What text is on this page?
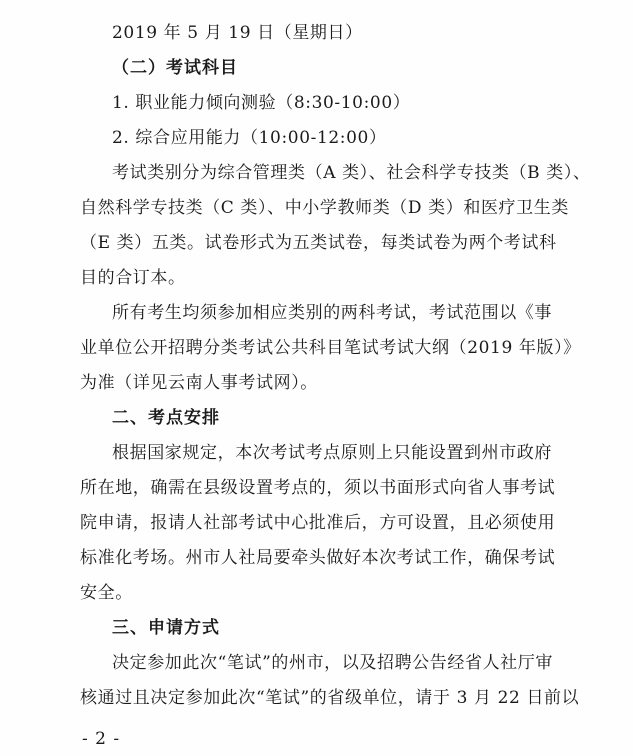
2019 年 5 月 19 日（星期日）
（二）考试科目
1. 职业能力倾向测验（8:30-10:00）
2. 综合应用能力（10:00-12:00）
考试类别分为综合管理类（A 类）、社会科学专技类（B 类）、
自然科学专技类（C 类）、中小学教师类（D 类）和医疗卫生类
（E 类）五类。试卷形式为五类试卷，每类试卷为两个考试科
目的合订本。
所有考生均须参加相应类别的两科考试，考试范围以《事
业单位公开招聘分类考试公共科目笔试考试大纲（2019 年版）》
为准（详见云南人事考试网）。
二、考点安排
根据国家规定，本次考试考点原则上只能设置到州市政府
所在地，确需在县级设置考点的，须以书面形式向省人事考试
院申请，报请人社部考试中心批准后，方可设置，且必须使用
标准化考场。州市人社局要牵头做好本次考试工作，确保考试
安全。
三、申请方式
决定参加此次“笔试”的州市，以及招聘公告经省人社厅审
核通过且决定参加此次“笔试”的省级单位，请于 3 月 22 日前以
- 2 -
